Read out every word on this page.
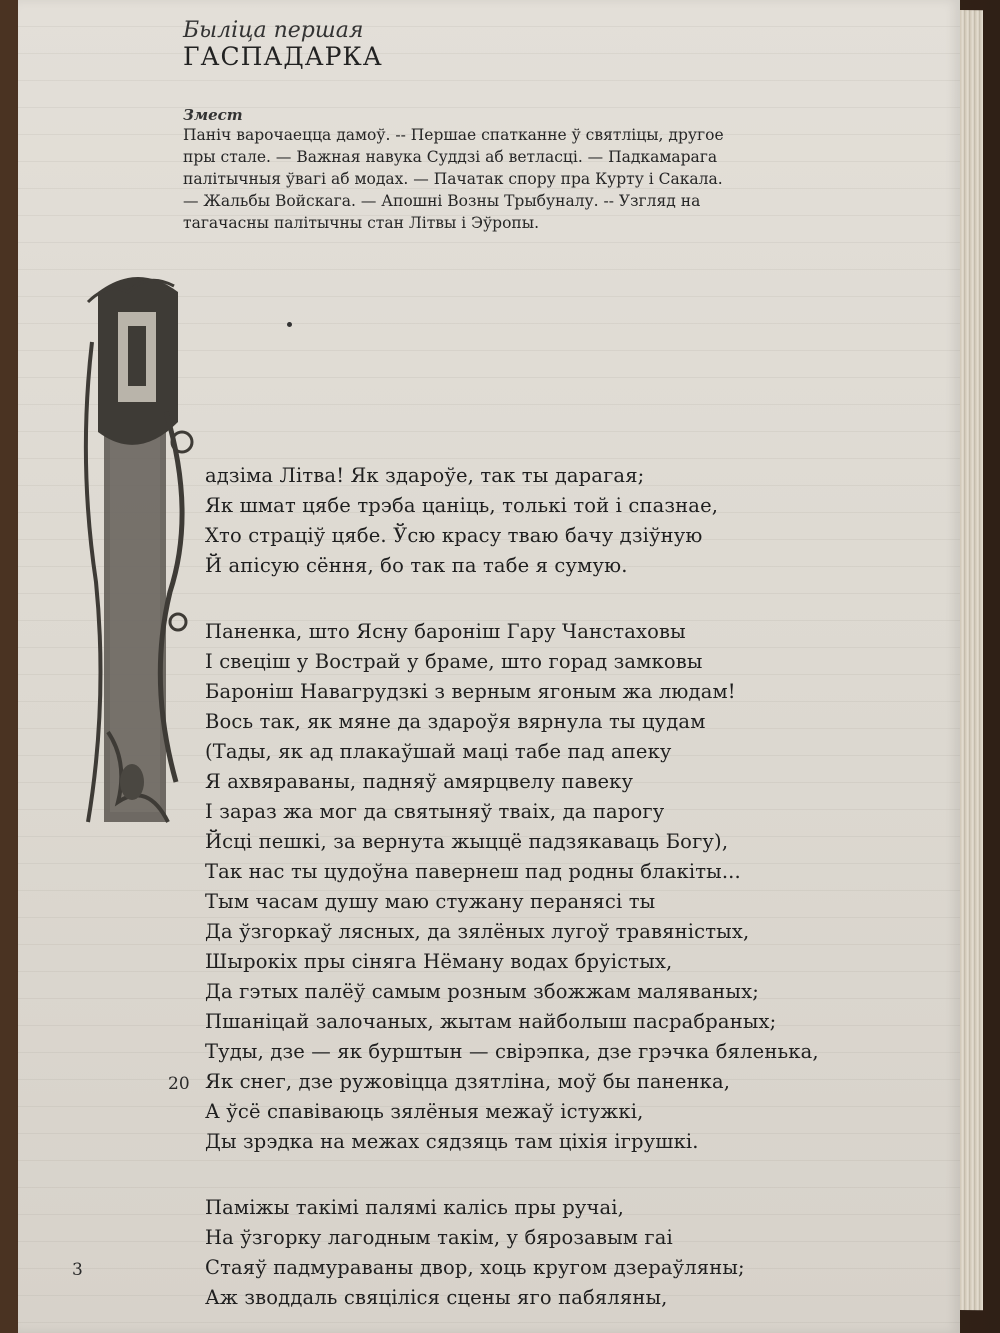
Быліца першая
ГАСПАДАРКА
Змест
Паніч варочаецца дамоў. -- Першае спатканне ў святліцы, другое
пры стале. — Важная навука Суддзі аб ветласці. — Падкамарага
палітычныя ўвагі аб модах. — Пачатак спору пра Курту і Сакала.
— Жальбы Войскага. — Апошні Возны Трыбуналу. -- Узгляд на
тагачасны палітычны стан Літвы і Эўропы.
адзіма Літва! Як здароўе, так ты дарагая;
Як шмат цябе трэба цаніць, толькі той і спазнае,
Хто страціў цябе. Ўсю красу тваю бачу дзіўную
Й апісую сёння, бо так па табе я сумую.
Паненка, што Ясну бароніш Гару Чанстаховы
І свеціш у Вострай у браме, што горад замковы
Бароніш Навагрудзкі з верным ягоным жа людам!
Вось так, як мяне да здароўя вярнула ты цудам
(Тады, як ад плакаўшай маці табе пад апеку
Я ахвяраваны, падняў амярцвелу павеку
І зараз жа мог да святыняў тваіх, да парогу
Йсці пешкі, за вернута жыццё падзякаваць Богу),
Так нас ты цудоўна павернеш пад родны блакіты...
Тым часам душу маю стужану перанясі ты
Да ўзгоркаў лясных, да зялёных лугоў травяністых,
Шырокіх пры сіняга Нёману водах бруістых,
Да гэтых палёў самым розным збожжам маляваных;
Пшаніцай залочаных, жытам найболыш пасрабраных;
Туды, дзе — як бурштын — свірэпка, дзе грэчка бяленька,
Як снег, дзе ружовіцца дзятліна, моў бы паненка,
А ўсё спавіваюць зялёныя межаў істужкі,
Ды зрэдка на межах сядзяць там ціхія ігрушкі.
Паміжы такімі палямі калісь пры ручаі,
На ўзгорку лагодным такім, у бярозавым гаі
Стаяў падмураваны двор, хоць кругом дзераўляны;
Аж зводдаль свяціліся сцены яго пабяляны,
20
3
